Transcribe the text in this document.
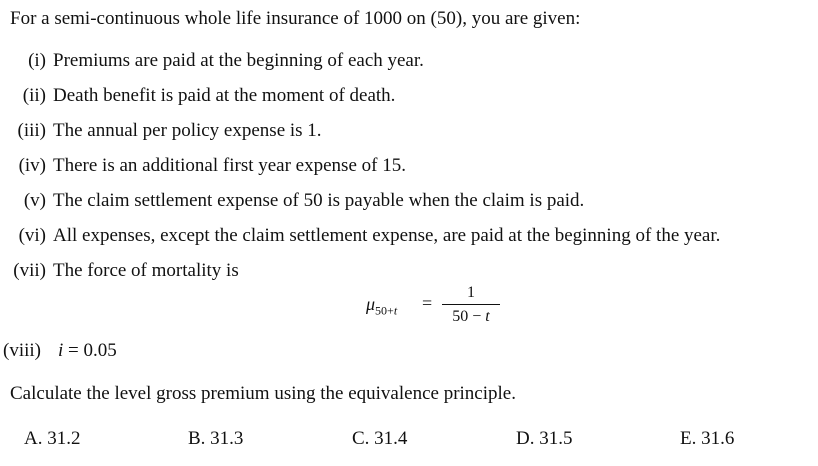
For a semi-continuous whole life insurance of 1000 on (50), you are given:
(i) Premiums are paid at the beginning of each year.
(ii) Death benefit is paid at the moment of death.
(iii) The annual per policy expense is 1.
(iv) There is an additional first year expense of 15.
(v) The claim settlement expense of 50 is payable when the claim is paid.
(vi) All expenses, except the claim settlement expense, are paid at the beginning of the year.
(vii) The force of mortality is
$\mu_{50+t}$ =
1
50 − t
(viii) i = 0.05
Calculate the level gross premium using the equivalence principle.
A. 31.2	B. 31.3	C. 31.4	D. 31.5	E. 31.6
